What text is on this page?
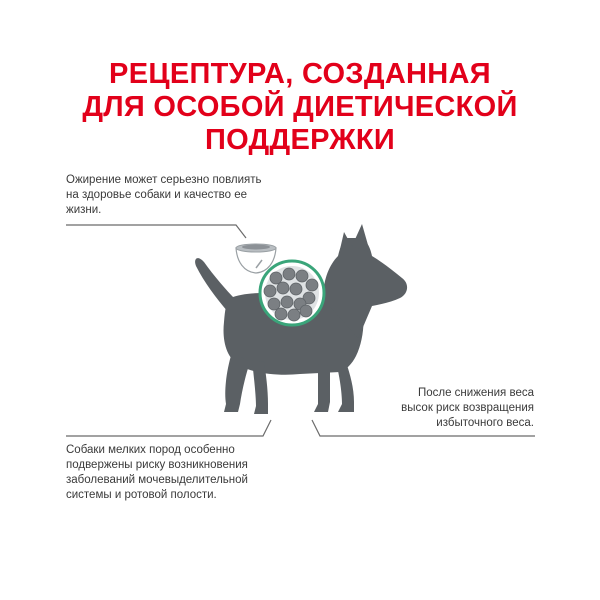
РЕЦЕПТУРА, СОЗДАННАЯ
ДЛЯ ОСОБОЙ ДИЕТИЧЕСКОЙ
ПОДДЕРЖКИ
Ожирение может серьезно повлиять
на здоровье собаки и качество ее
жизни.
После снижения веса
высок риск возвращения
избыточного веса.
Собаки мелких пород особенно
подвержены риску возникновения
заболеваний мочевыделительной
системы и ротовой полости.
